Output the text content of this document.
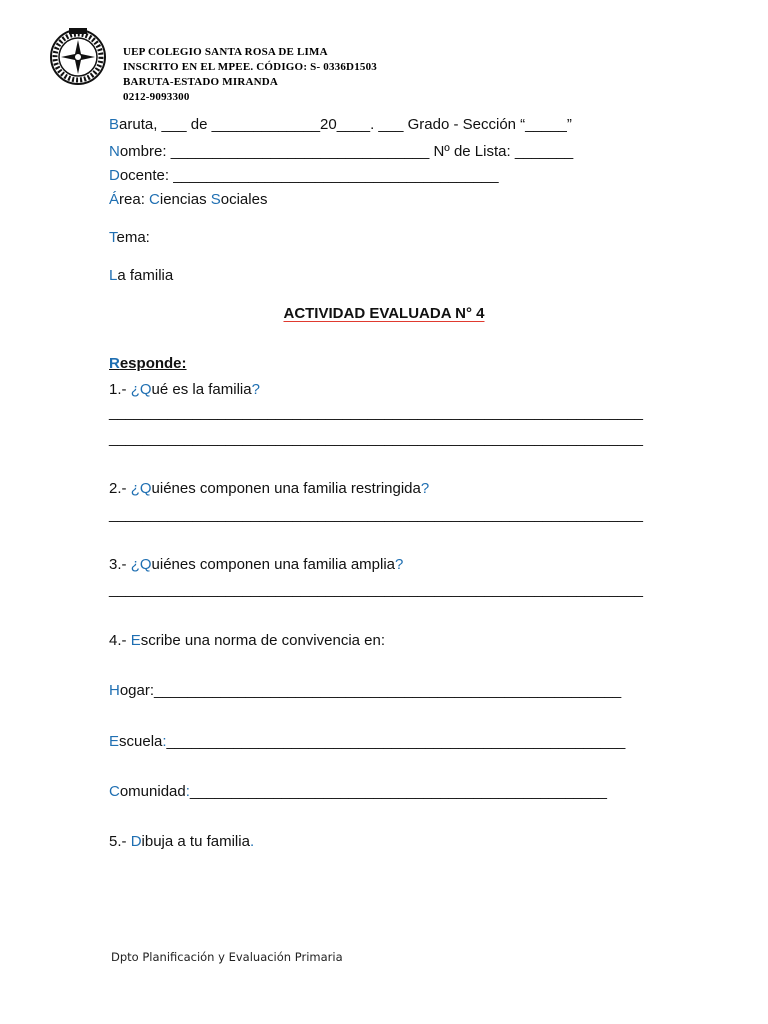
UEP COLEGIO SANTA ROSA DE LIMA
INSCRITO EN EL MPEE. CÓDIGO: S- 0336D1503
BARUTA-ESTADO MIRANDA
0212-9093300
Baruta, ___ de _____________20____. ___ Grado - Sección “_____”
Nombre: _______________________________ Nº de Lista: _______
Docente: _______________________________________
Área: Ciencias Sociales
Tema:
La familia
ACTIVIDAD EVALUADA N° 4
Responde:
1.- ¿Qué es la familia?
________________________________________________________________
________________________________________________________________
2.- ¿Quiénes componen una familia restringida?
________________________________________________________________
3.- ¿Quiénes componen una familia amplia?
________________________________________________________________
4.- Escribe una norma de convivencia en:
Hogar:________________________________________________________
Escuela:_______________________________________________________
Comunidad:__________________________________________________
5.- Dibuja a tu familia.
Dpto Planificación y Evaluación Primaria
